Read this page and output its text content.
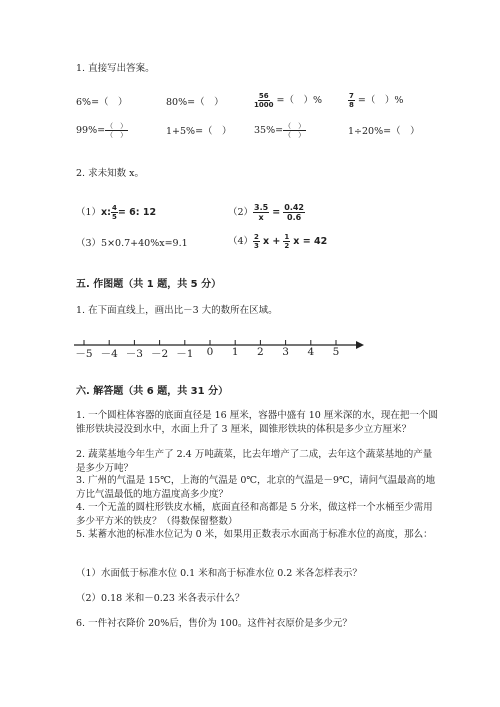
1. 直接写出答案。
6%=（　）	80%=（　）	$\frac{56}{1000}$ =（　）%	$\frac{7}{8}$ =（　）%
$99\%= \frac{( )}{( )}$	1+5%=（　） $35\%= \frac{( )}{( )}$	1÷20%=（　）
2. 求未知数 x。
（1）x: $\frac{4}{5} = 6$: 12	$(2) \frac{3.5}{x} = \frac{0.42}{0.6}$
（3）5×0.7+40%x=9.1	$(4) \frac{2}{3}$ $x + \frac{1}{2}$ x = 42
五. 作图题（共 1 题，共 5 分）
1. 在下面直线上，画出比－3 大的数所在区域。
－5 －4 －3 －2 －1 0 1 2 3 4 5
六. 解答题（共 6 题，共 31 分）
1. 一个圆柱体容器的底面直径是 16 厘米，容器中盛有 10 厘米深的水，现在把一个圆锥形铁块浸没到水中，水面上升了 3 厘米，圆锥形铁块的体积是多少立方厘米？
2. 蔬菜基地今年生产了 2.4 万吨蔬菜，比去年增产了二成，去年这个蔬菜基地的产量是多少万吨？
3. 广州的气温是 15℃，上海的气温是 0℃，北京的气温是－9℃，请问气温最高的地方比气温最低的地方温度高多少度？
4. 一个无盖的圆柱形铁皮水桶，底面直径和高都是 5 分米，做这样一个水桶至少需用多少平方米的铁皮？（得数保留整数）
5. 某蓄水池的标准水位记为 0 米，如果用正数表示水面高于标准水位的高度，那么：
（1）水面低于标准水位 0.1 米和高于标准水位 0.2 米各怎样表示？
（2）0.18 米和－0.23 米各表示什么？
6. 一件衬衣降价 20%后，售价为 100。这件衬衣原价是多少元？
